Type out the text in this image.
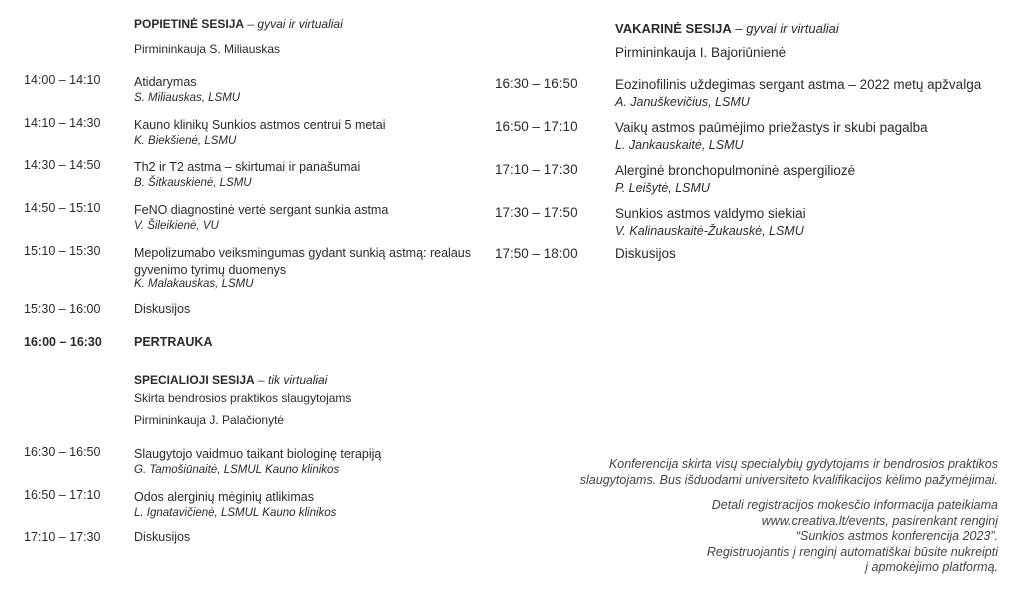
POPIETINĖ SESIJA – gyvai ir virtualiai
Pirmininkauja S. Miliauskas
14:00 – 14:10	Atidarymas
S. Miliauskas, LSMU
14:10 – 14:30	Kauno klinikų Sunkios astmos centrui 5 metai
K. Biekšienė, LSMU
14:30 – 14:50	Th2 ir T2 astma – skirtumai ir panašumai
B. Šitkauskienė, LSMU
14:50 – 15:10	FeNO diagnostinė vertė sergant sunkia astma
V. Šileikienė, VU
15:10 – 15:30	Mepolizumabo veiksmingumas gydant sunkią astmą: realaus
gyvenimo tyrimų duomenys
K. Malakauskas, LSMU
15:30 – 16:00	Diskusijos
16:00 – 16:30	PERTRAUKA
SPECIALIOJI SESIJA – tik virtualiai
Skirta bendrosios praktikos slaugytojams
Pirmininkauja J. Palačionytė
16:30 – 16:50	Slaugytojo vaidmuo taikant biologinę terapiją
G. Tamošiūnaitė, LSMUL Kauno klinikos
16:50 – 17:10	Odos alerginių mėginių atlikimas
L. Ignatavičienė, LSMUL Kauno klinikos
17:10 – 17:30	Diskusijos
VAKARINĖ SESIJA – gyvai ir virtualiai
Pirmininkauja I. Bajoriūnienė
16:30 – 16:50	Eozinofilinis uždegimas sergant astma – 2022 metų apžvalga
A. Januškevičius, LSMU
16:50 – 17:10	Vaikų astmos paūmėjimo priežastys ir skubi pagalba
L. Jankauskaitė, LSMU
17:10 – 17:30	Alerginė bronchopulmoninė aspergiliozė
P. Leišytė, LSMU
17:30 – 17:50	Sunkios astmos valdymo siekiai
V. Kalinauskaitė-Žukauskė, LSMU
17:50 – 18:00	Diskusijos
Konferencija skirta visų specialybių gydytojams ir bendrosios praktikos
slaugytojams. Bus išduodami universiteto kvalifikacijos kėlimo pažymėjimai.
Detali registracijos mokesčio informacija pateikiama
www.creativa.lt/events, pasirenkant renginį
“Sunkios astmos konferencija 2023”.
Registruojantis į renginį automatiškai būsite nukreipti
į apmokėjimo platformą.
